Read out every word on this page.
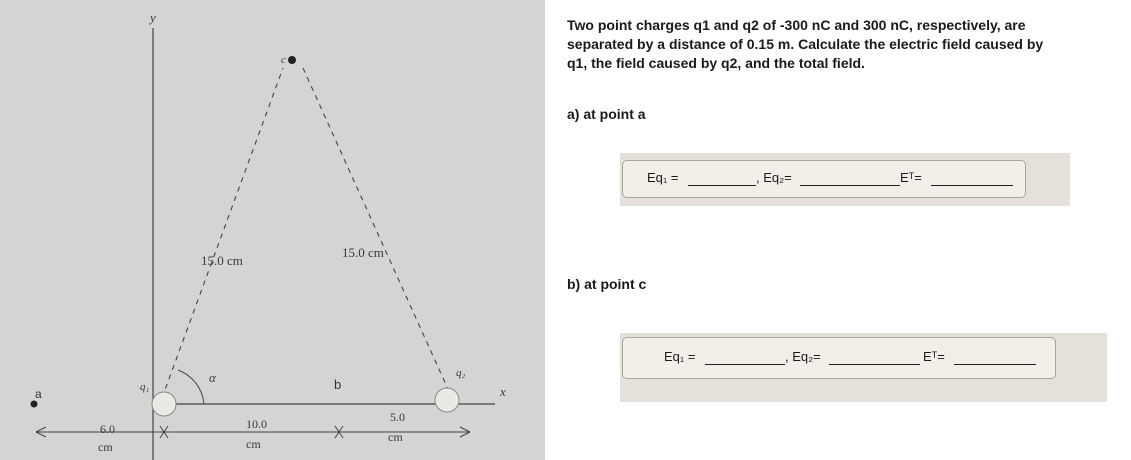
y
x
c
q₁
q₂
α
a
b
15.0 cm
15.0 cm
6.0
cm
10.0
cm
5.0
cm
Two point charges q1 and q2 of -300 nC and 300 nC, respectively, are
separated by a distance of 0.15 m. Calculate the electric field caused by
q1, the field caused by q2, and the total field.
a) at point a
Eq₁ =	, Eq₂=	Eᵀ=
b) at point c
Eq₁ =	, Eq₂=	Eᵀ=
